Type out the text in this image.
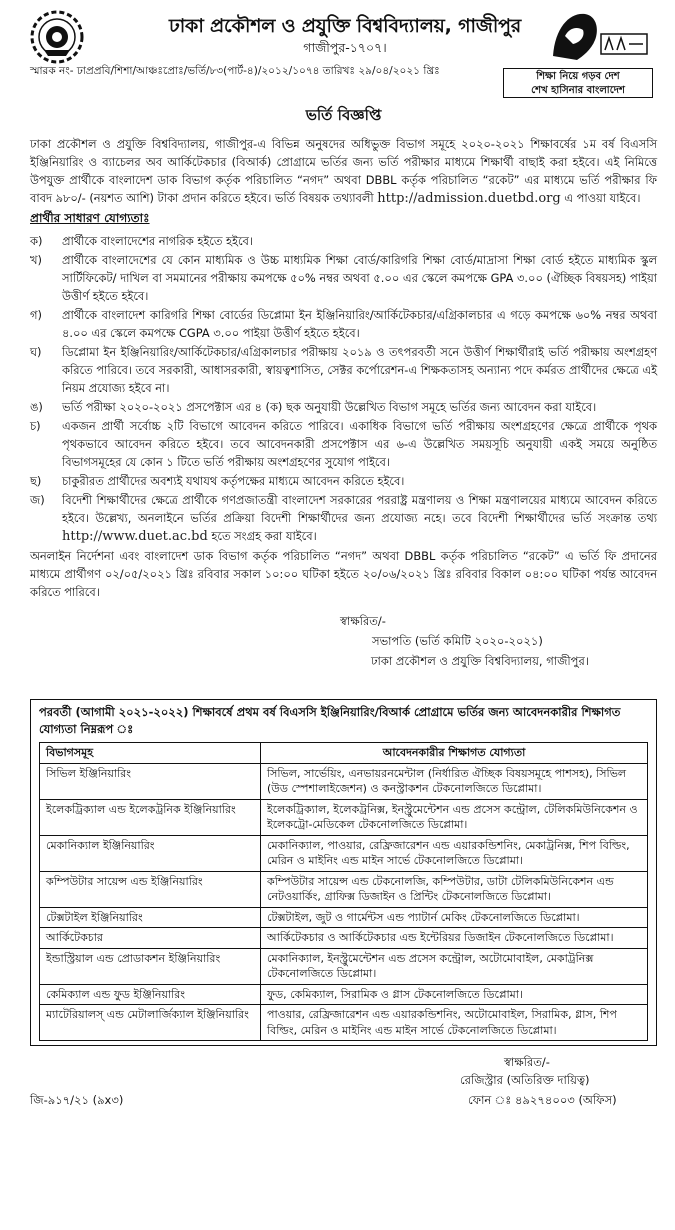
ঢাকা প্রকৌশল ও প্রযুক্তি বিশ্ববিদ্যালয়, গাজীপুর
গাজীপুর-১৭০৭।
স্মারক নং- ঢাপ্রপ্রবি/শিশা/আঞ্চঃপ্রোঃ/ভর্তি/৮৩(পার্ট-৪)/২০১২/১০৭৪ তারিখঃ ২৯/০৪/২০২১ খ্রিঃ	শিক্ষা নিয়ে গড়ব দেশ
শেখ হাসিনার বাংলাদেশ
ভর্তি বিজ্ঞপ্তি

ঢাকা প্রকৌশল ও প্রযুক্তি বিশ্ববিদ্যালয়, গাজীপুর-এ বিভিন্ন অনুষদের অধিভুক্ত বিভাগ সমূহে ২০২০-২০২১ শিক্ষাবর্ষের ১ম বর্ষ বিএসসি ইঞ্জিনিয়ারিং ও ব্যাচেলর অব আর্কিটেকচার (বিআর্ক) প্রোগ্রামে ভর্তির জন্য ভর্তি পরীক্ষার মাধ্যমে শিক্ষার্থী বাছাই করা হইবে। এই নিমিত্তে উপযুক্ত প্রার্থীকে বাংলাদেশ ডাক বিভাগ কর্তৃক পরিচালিত “নগদ” অথবা DBBL কর্তৃক পরিচালিত “রকেট” এর মাধ্যমে ভর্তি পরীক্ষার ফি বাবদ ৯৮০/- (নয়শত আশি) টাকা প্রদান করিতে হইবে। ভর্তি বিষয়ক তথ্যাবলী http://admission.duetbd.org এ পাওয়া যাইবে।

প্রার্থীর সাধারণ যোগ্যতাঃ
ক) প্রার্থীকে বাংলাদেশের নাগরিক হইতে হইবে।
খ) প্রার্থীকে বাংলাদেশের যে কোন মাধ্যমিক ও উচ্চ মাধ্যমিক শিক্ষা বোর্ড/কারিগরি শিক্ষা বোর্ড/মাদ্রাসা শিক্ষা বোর্ড হইতে মাধ্যমিক স্কুল সার্টিফিকেট/ দাখিল বা সমমানের পরীক্ষায় কমপক্ষে ৫০% নম্বর অথবা ৫.০০ এর স্কেলে কমপক্ষে GPA ৩.০০ (ঐচ্ছিক বিষয়সহ) পাইয়া উত্তীর্ণ হইতে হইবে।
গ) প্রার্থীকে বাংলাদেশ কারিগরি শিক্ষা বোর্ডের ডিপ্লোমা ইন ইঞ্জিনিয়ারিং/আর্কিটেকচার/এগ্রিকালচার এ গড়ে কমপক্ষে ৬০% নম্বর অথবা ৪.০০ এর স্কেলে কমপক্ষে CGPA ৩.০০ পাইয়া উত্তীর্ণ হইতে হইবে।
ঘ) ডিপ্লোমা ইন ইঞ্জিনিয়ারিং/আর্কিটেকচার/এগ্রিকালচার পরীক্ষায় ২০১৯ ও তৎপরবর্তী সনে উত্তীর্ণ শিক্ষার্থীরাই ভর্তি পরীক্ষায় অংশগ্রহণ করিতে পারিবে। তবে সরকারী, আধাসরকারী, স্বায়ত্বশাসিত, সেক্টর কর্পোরেশন-এ শিক্ষকতাসহ অন্যান্য পদে কর্মরত প্রার্থীদের ক্ষেত্রে এই নিয়ম প্রযোজ্য হইবে না।
ঙ) ভর্তি পরীক্ষা ২০২০-২০২১ প্রসপেক্টাস এর ৪ (ক) ছক অনুযায়ী উল্লেখিত বিভাগ সমূহে ভর্তির জন্য আবেদন করা যাইবে।
চ) একজন প্রার্থী সর্বোচ্চ ২টি বিভাগে আবেদন করিতে পারিবে। একাধিক বিভাগে ভর্তি পরীক্ষায় অংশগ্রহণের ক্ষেত্রে প্রার্থীকে পৃথক পৃথকভাবে আবেদন করিতে হইবে। তবে আবেদনকারী প্রসপেক্টাস এর ৬-এ উল্লেখিত সময়সূচি অনুযায়ী একই সময়ে অনুষ্ঠিত বিভাগসমূহের যে কোন ১ টিতে ভর্তি পরীক্ষায় অংশগ্রহণের সুযোগ পাইবে।
ছ) চাকুরীরত প্রার্থীদের অবশ্যই যথাযথ কর্তৃপক্ষের মাধ্যমে আবেদন করিতে হইবে।
জ) বিদেশী শিক্ষার্থীদের ক্ষেত্রে প্রার্থীকে গণপ্রজাতন্ত্রী বাংলাদেশ সরকারের পররাষ্ট্র মন্ত্রণালয় ও শিক্ষা মন্ত্রণালয়ের মাধ্যমে আবেদন করিতে হইবে। উল্লেখ্য, অনলাইনে ভর্তির প্রক্রিয়া বিদেশী শিক্ষার্থীদের জন্য প্রযোজ্য নহে। তবে বিদেশী শিক্ষার্থীদের ভর্তি সংক্রান্ত তথ্য http://www.duet.ac.bd হতে সংগ্রহ করা যাইবে।

অনলাইন নির্দেশনা এবং বাংলাদেশ ডাক বিভাগ কর্তৃক পরিচালিত “নগদ” অথবা DBBL কর্তৃক পরিচালিত “রকেট” এ ভর্তি ফি প্রদানের মাধ্যমে প্রার্থীগণ ০২/০৫/২০২১ খ্রিঃ রবিবার সকাল ১০:০০ ঘটিকা হইতে ২০/০৬/২০২১ খ্রিঃ রবিবার বিকাল ০৪:০০ ঘটিকা পর্যন্ত আবেদন করিতে পারিবে।

স্বাক্ষরিত/-
সভাপতি (ভর্তি কমিটি ২০২০-২০২১)
ঢাকা প্রকৌশল ও প্রযুক্তি বিশ্ববিদ্যালয়, গাজীপুর।
পরবর্তী (আগামী ২০২১-২০২২) শিক্ষাবর্ষে প্রথম বর্ষ বিএসসি ইঞ্জিনিয়ারিং/বিআর্ক প্রোগ্রামে ভর্তির জন্য আবেদনকারীর শিক্ষাগত যোগ্যতা নিম্নরূপ ঃ
বিভাগসমূহ	আবেদনকারীর শিক্ষাগত যোগ্যতা
সিভিল ইঞ্জিনিয়ারিং	সিভিল, সার্ভেয়িং, এনভায়রনমেন্টাল (নির্ধারিত ঐচ্ছিক বিষয়সমূহে পাশসহ), সিভিল (উড স্পেশালাইজেশন) ও কনস্ট্রাকশন টেকনোলজিতে ডিপ্লোমা।
ইলেকট্রিক্যাল এন্ড ইলেকট্রনিক ইঞ্জিনিয়ারিং	ইলেকট্রিক্যাল, ইলেকট্রনিক্স, ইনস্ট্রুমেন্টেশন এন্ড প্রসেস কন্ট্রোল, টেলিকমিউনিকেশন ও ইলেকট্রো-মেডিকেল টেকনোলজিতে ডিপ্লোমা।
মেকানিক্যাল ইঞ্জিনিয়ারিং	মেকানিক্যাল, পাওয়ার, রেফ্রিজারেশন এন্ড এয়ারকন্ডিশনিং, মেকাট্রনিক্স, শিপ বিল্ডিং, মেরিন ও মাইনিং এন্ড মাইন সার্ভে টেকনোলজিতে ডিপ্লোমা।
কম্পিউটার সায়েন্স এন্ড ইঞ্জিনিয়ারিং	কম্পিউটার সায়েন্স এন্ড টেকনোলজি, কম্পিউটার, ডাটা টেলিকমিউনিকেশন এন্ড নেটওয়ার্কিং, গ্রাফিক্স ডিজাইন ও প্রিন্টিং টেকনোলজিতে ডিপ্লোমা।
টেক্সটাইল ইঞ্জিনিয়ারিং	টেক্সটাইল, জুট ও গার্মেন্টস এন্ড প্যাটার্ন মেকিং টেকনোলজিতে ডিপ্লোমা।
আর্কিটেকচার	আর্কিটেকচার ও আর্কিটেকচার এন্ড ইন্টেরিয়র ডিজাইন টেকনোলজিতে ডিপ্লোমা।
ইন্ডাস্ট্রিয়াল এন্ড প্রোডাকশন ইঞ্জিনিয়ারিং	মেকানিক্যাল, ইনস্ট্রুমেন্টেশন এন্ড প্রসেস কন্ট্রোল, অটোমোবাইল, মেকাট্রনিক্স টেকনোলজিতে ডিপ্লোমা।
কেমিক্যাল এন্ড ফুড ইঞ্জিনিয়ারিং	ফুড, কেমিক্যাল, সিরামিক ও গ্লাস টেকনোলজিতে ডিপ্লোমা।
ম্যাটেরিয়ালস্ এন্ড মেটালার্জিক্যাল ইঞ্জিনিয়ারিং	পাওয়ার, রেফ্রিজারেশন এন্ড এয়ারকন্ডিশনিং, অটোমোবাইল, সিরামিক, গ্লাস, শিপ বিল্ডিং, মেরিন ও মাইনিং এন্ড মাইন সার্ভে টেকনোলজিতে ডিপ্লোমা।
স্বাক্ষরিত/-
রেজিস্ট্রার (অতিরিক্ত দায়িত্ব)
জি-৯১৭/২১ (৯x৩)	ফোন ঃ ৪৯২৭৪০০৩ (অফিস)
